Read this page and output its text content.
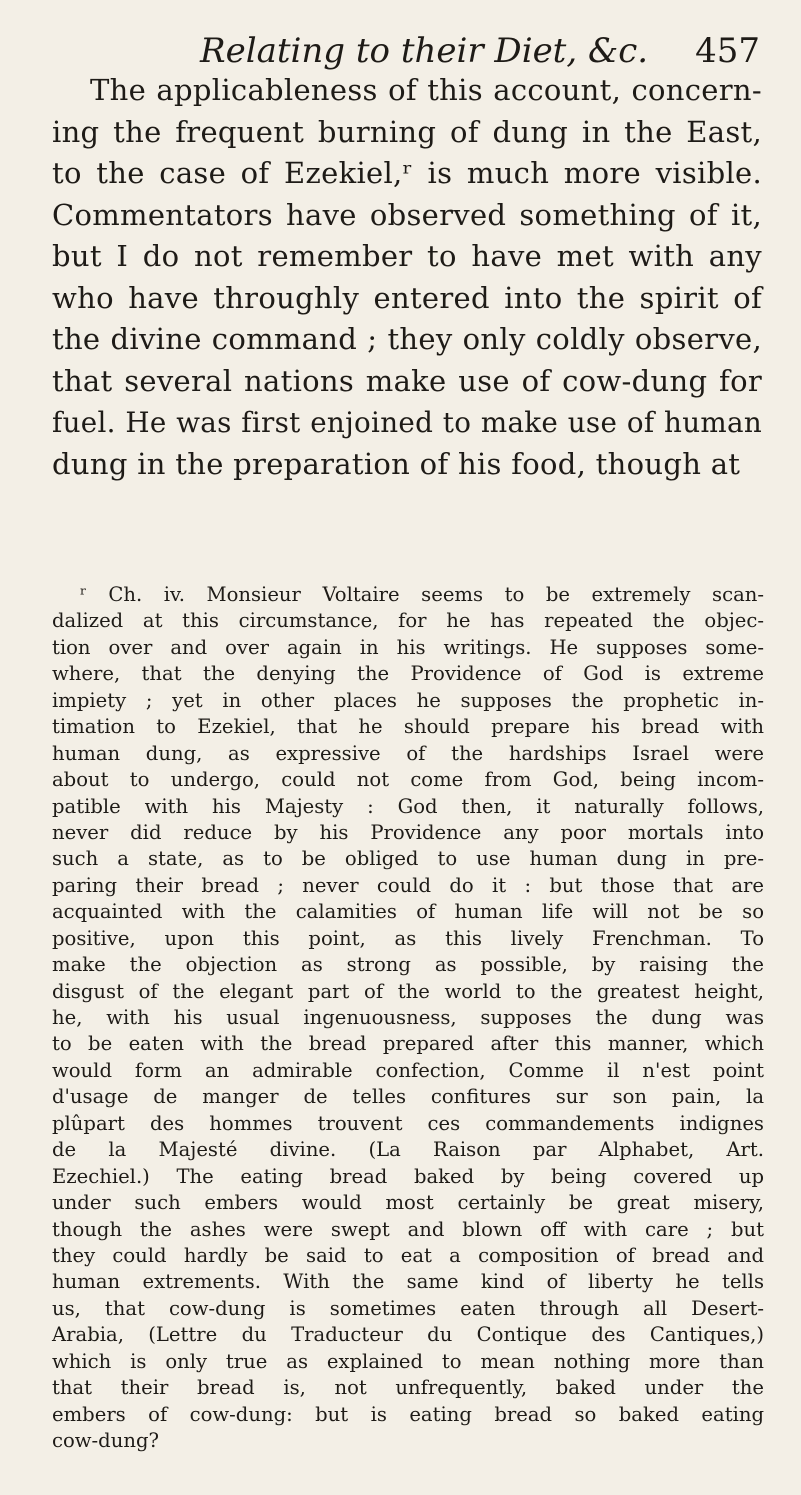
Relating to their Diet, &c. 457
The applicableness of this account, concern-
ing the frequent burning of dung in the East,
to the case of Ezekiel,ʳ is much more visible.
Commentators have observed something of it,
but I do not remember to have met with any
who have throughly entered into the spirit of
the divine command ; they only coldly observe,
that several nations make use of cow-dung for
fuel. He was first enjoined to make use of human
dung in the preparation of his food, though at
ʳ Ch. iv. Monsieur Voltaire seems to be extremely scan-
dalized at this circumstance, for he has repeated the objec-
tion over and over again in his writings. He supposes some-
where, that the denying the Providence of God is extreme
impiety ; yet in other places he supposes the prophetic in-
timation to Ezekiel, that he should prepare his bread with
human dung, as expressive of the hardships Israel were
about to undergo, could not come from God, being incom-
patible with his Majesty : God then, it naturally follows,
never did reduce by his Providence any poor mortals into
such a state, as to be obliged to use human dung in pre-
paring their bread ; never could do it : but those that are
acquainted with the calamities of human life will not be so
positive, upon this point, as this lively Frenchman. To
make the objection as strong as possible, by raising the
disgust of the elegant part of the world to the greatest height,
he, with his usual ingenuousness, supposes the dung was
to be eaten with the bread prepared after this manner, which
would form an admirable confection, Comme il n'est point
d'usage de manger de telles confitures sur son pain, la
plûpart des hommes trouvent ces commandements indignes
de la Majesté divine. (La Raison par Alphabet, Art.
Ezechiel.) The eating bread baked by being covered up
under such embers would most certainly be great misery,
though the ashes were swept and blown off with care ; but
they could hardly be said to eat a composition of bread and
human extrements. With the same kind of liberty he tells
us, that cow-dung is sometimes eaten through all Desert-
Arabia, (Lettre du Traducteur du Contique des Cantiques,)
which is only true as explained to mean nothing more than
that their bread is, not unfrequently, baked under the
embers of cow-dung: but is eating bread so baked eating
cow-dung?
